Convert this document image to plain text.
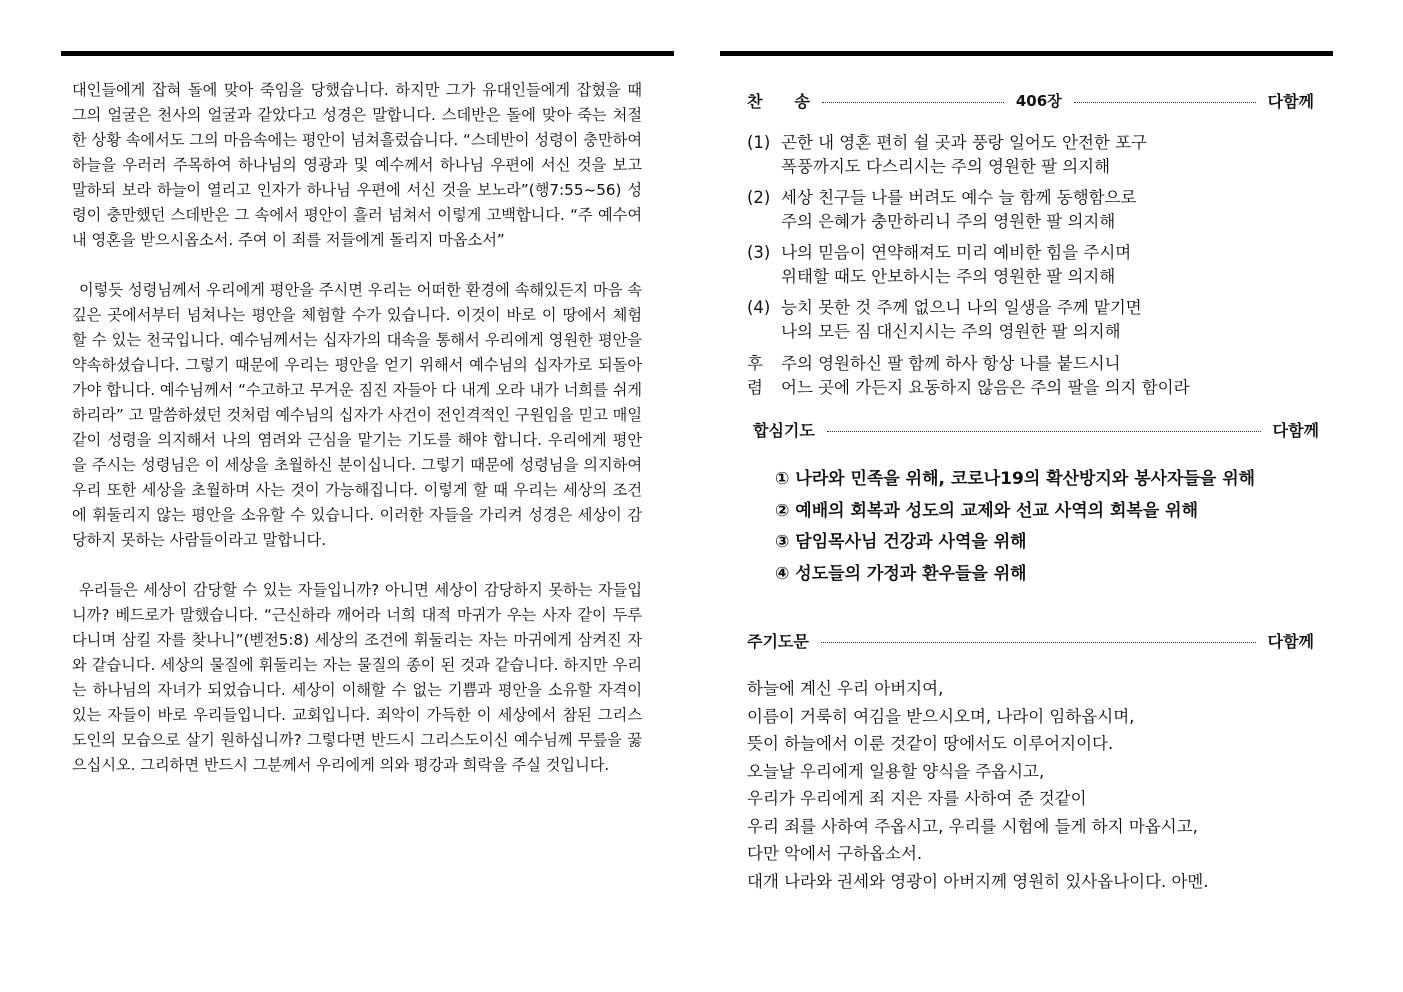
대인들에게 잡혀 돌에 맞아 죽임을 당했습니다. 하지만 그가 유대인들에게 잡혔을 때 그의 얼굴은 천사의 얼굴과 같았다고 성경은 말합니다. 스데반은 돌에 맞아 죽는 처절한 상황 속에서도 그의 마음속에는 평안이 넘쳐흘렀습니다. “스데반이 성령이 충만하여 하늘을 우러러 주목하여 하나님의 영광과 및 예수께서 하나님 우편에 서신 것을 보고 말하되 보라 하늘이 열리고 인자가 하나님 우편에 서신 것을 보노라”(행7:55~56) 성령이 충만했던 스데반은 그 속에서 평안이 흘러 넘쳐서 이렇게 고백합니다. “주 예수여 내 영혼을 받으시옵소서. 주여 이 죄를 저들에게 돌리지 마옵소서”

이렇듯 성령님께서 우리에게 평안을 주시면 우리는 어떠한 환경에 속해있든지 마음 속 깊은 곳에서부터 넘쳐나는 평안을 체험할 수가 있습니다. 이것이 바로 이 땅에서 체험할 수 있는 천국입니다. 예수님께서는 십자가의 대속을 통해서 우리에게 영원한 평안을 약속하셨습니다. 그렇기 때문에 우리는 평안을 얻기 위해서 예수님의 십자가로 되돌아가야 합니다. 예수님께서 “수고하고 무거운 짐진 자들아 다 내게 오라 내가 너희를 쉬게 하리라” 고 말씀하셨던 것처럼 예수님의 십자가 사건이 전인격적인 구원임을 믿고 매일같이 성령을 의지해서 나의 염려와 근심을 맡기는 기도를 해야 합니다. 우리에게 평안을 주시는 성령님은 이 세상을 초월하신 분이십니다. 그렇기 때문에 성령님을 의지하여 우리 또한 세상을 초월하며 사는 것이 가능해집니다. 이렇게 할 때 우리는 세상의 조건에 휘둘리지 않는 평안을 소유할 수 있습니다. 이러한 자들을 가리켜 성경은 세상이 감당하지 못하는 사람들이라고 말합니다.

우리들은 세상이 감당할 수 있는 자들입니까? 아니면 세상이 감당하지 못하는 자들입니까? 베드로가 말했습니다. “근신하라 깨어라 너희 대적 마귀가 우는 사자 같이 두루 다니며 삼킬 자를 찾나니”(벧전5:8) 세상의 조건에 휘둘리는 자는 마귀에게 삼켜진 자와 같습니다. 세상의 물질에 휘둘리는 자는 물질의 종이 된 것과 같습니다. 하지만 우리는 하나님의 자녀가 되었습니다. 세상이 이해할 수 없는 기쁨과 평안을 소유할 자격이 있는 자들이 바로 우리들입니다. 교회입니다. 죄악이 가득한 이 세상에서 참된 그리스도인의 모습으로 살기 원하십니까? 그렇다면 반드시 그리스도이신 예수님께 무릎을 꿇으십시오. 그리하면 반드시 그분께서 우리에게 의와 평강과 희락을 주실 것입니다.

찬　　송	406장	다함께
(1) 곤한 내 영혼 편히 쉴 곳과 풍랑 일어도 안전한 포구
폭풍까지도 다스리시는 주의 영원한 팔 의지해
(2) 세상 친구들 나를 버려도 예수 늘 함께 동행함으로
주의 은혜가 충만하리니 주의 영원한 팔 의지해
(3) 나의 믿음이 연약해져도 미리 예비한 힘을 주시며
위태할 때도 안보하시는 주의 영원한 팔 의지해
(4) 능치 못한 것 주께 없으니 나의 일생을 주께 맡기면
나의 모든 짐 대신지시는 주의 영원한 팔 의지해
후 주의 영원하신 팔 함께 하사 항상 나를 붙드시니
렴 어느 곳에 가든지 요동하지 않음은 주의 팔을 의지 함이라
합심기도	다함께
① 나라와 민족을 위해, 코로나19의 확산방지와 봉사자들을 위해
② 예배의 회복과 성도의 교제와 선교 사역의 회복을 위해
③ 담임목사님 건강과 사역을 위해
④ 성도들의 가정과 환우들을 위해
주기도문	다함께
하늘에 계신 우리 아버지여,
이름이 거룩히 여김을 받으시오며, 나라이 임하옵시며,
뜻이 하늘에서 이룬 것같이 땅에서도 이루어지이다.
오늘날 우리에게 일용할 양식을 주옵시고,
우리가 우리에게 죄 지은 자를 사하여 준 것같이
우리 죄를 사하여 주옵시고, 우리를 시험에 들게 하지 마옵시고,
다만 악에서 구하옵소서.
대개 나라와 권세와 영광이 아버지께 영원히 있사옵나이다. 아멘.
